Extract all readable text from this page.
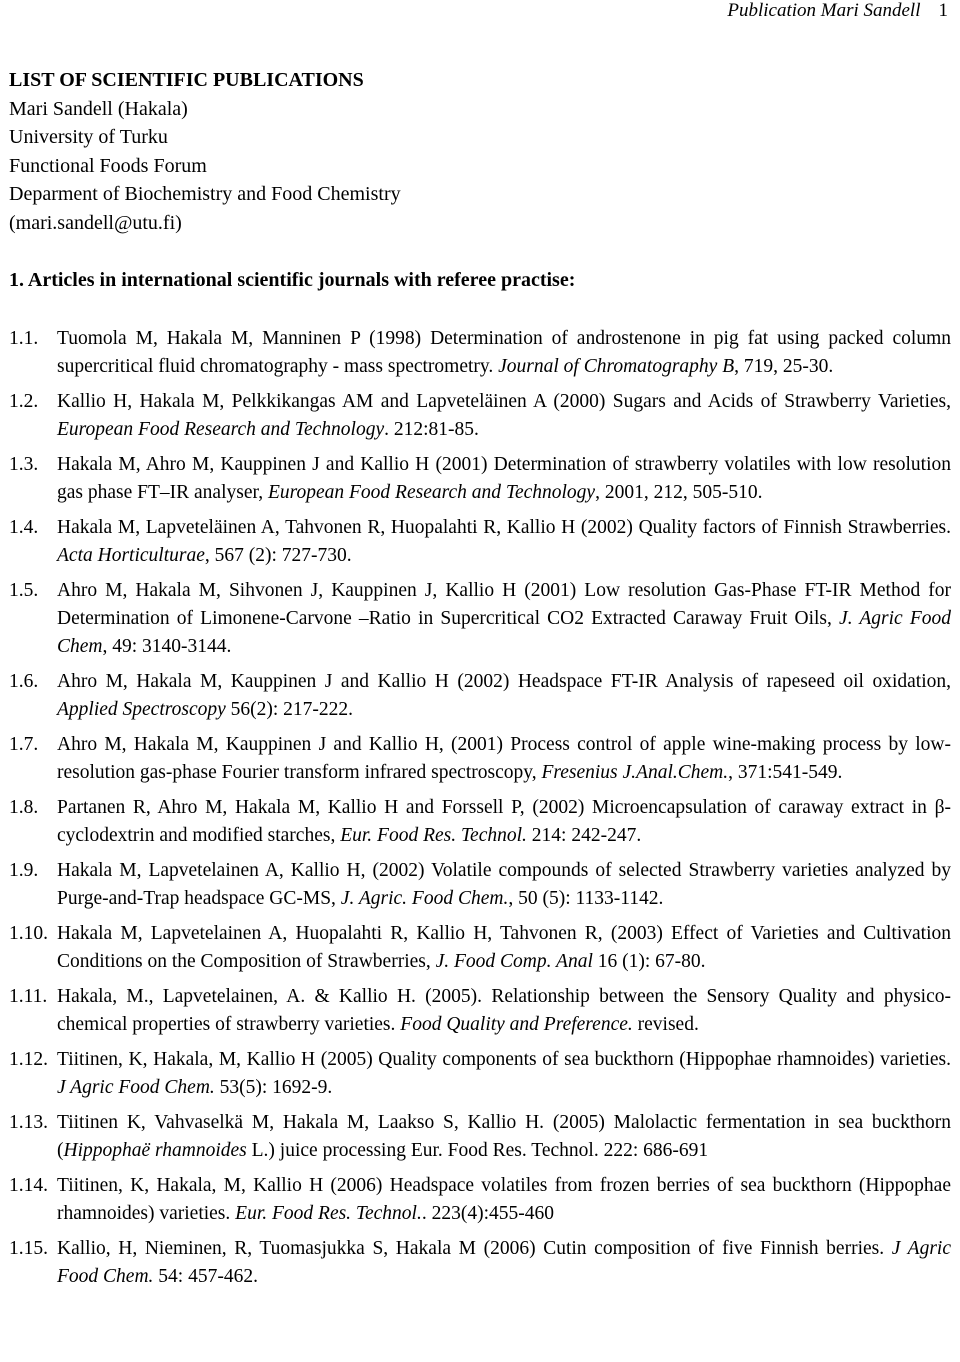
Publication Mari Sandell 1
LIST OF SCIENTIFIC PUBLICATIONS
Mari Sandell (Hakala)
University of Turku
Functional Foods Forum
Deparment of Biochemistry and Food Chemistry
(mari.sandell@utu.fi)
1. Articles in international scientific journals with referee practise:
1.1. Tuomola M, Hakala M, Manninen P (1998) Determination of androstenone in pig fat using packed column supercritical fluid chromatography - mass spectrometry. Journal of Chromatography B, 719, 25-30.
1.2. Kallio H, Hakala M, Pelkkikangas AM and Lapveteläinen A (2000) Sugars and Acids of Strawberry Varieties, European Food Research and Technology. 212:81-85.
1.3. Hakala M, Ahro M, Kauppinen J and Kallio H (2001) Determination of strawberry volatiles with low resolution gas phase FT–IR analyser, European Food Research and Technology, 2001, 212, 505-510.
1.4. Hakala M, Lapveteläinen A, Tahvonen R, Huopalahti R, Kallio H (2002) Quality factors of Finnish Strawberries. Acta Horticulturae, 567 (2): 727-730.
1.5. Ahro M, Hakala M, Sihvonen J, Kauppinen J, Kallio H (2001) Low resolution Gas-Phase FT-IR Method for Determination of Limonene-Carvone –Ratio in Supercritical CO2 Extracted Caraway Fruit Oils, J. Agric Food Chem, 49: 3140-3144.
1.6. Ahro M, Hakala M, Kauppinen J and Kallio H (2002) Headspace FT-IR Analysis of rapeseed oil oxidation, Applied Spectroscopy 56(2): 217-222.
1.7. Ahro M, Hakala M, Kauppinen J and Kallio H, (2001) Process control of apple wine-making process by low-resolution gas-phase Fourier transform infrared spectroscopy, Fresenius J.Anal.Chem., 371:541-549.
1.8. Partanen R, Ahro M, Hakala M, Kallio H and Forssell P, (2002) Microencapsulation of caraway extract in β-cyclodextrin and modified starches, Eur. Food Res. Technol. 214: 242-247.
1.9. Hakala M, Lapvetelainen A, Kallio H, (2002) Volatile compounds of selected Strawberry varieties analyzed by Purge-and-Trap headspace GC-MS, J. Agric. Food Chem., 50 (5): 1133-1142.
1.10. Hakala M, Lapvetelainen A, Huopalahti R, Kallio H, Tahvonen R, (2003) Effect of Varieties and Cultivation Conditions on the Composition of Strawberries, J. Food Comp. Anal 16 (1): 67-80.
1.11. Hakala, M., Lapvetelainen, A. & Kallio H. (2005). Relationship between the Sensory Quality and physico-chemical properties of strawberry varieties. Food Quality and Preference. revised.
1.12. Tiitinen, K, Hakala, M, Kallio H (2005) Quality components of sea buckthorn (Hippophae rhamnoides) varieties. J Agric Food Chem. 53(5): 1692-9.
1.13. Tiitinen K, Vahvaselkä M, Hakala M, Laakso S, Kallio H. (2005) Malolactic fermentation in sea buckthorn (Hippophaë rhamnoides L.) juice processing Eur. Food Res. Technol. 222: 686-691
1.14. Tiitinen, K, Hakala, M, Kallio H (2006) Headspace volatiles from frozen berries of sea buckthorn (Hippophae rhamnoides) varieties. Eur. Food Res. Technol.. 223(4):455-460
1.15. Kallio, H, Nieminen, R, Tuomasjukka S, Hakala M (2006) Cutin composition of five Finnish berries. J Agric Food Chem. 54: 457-462.
